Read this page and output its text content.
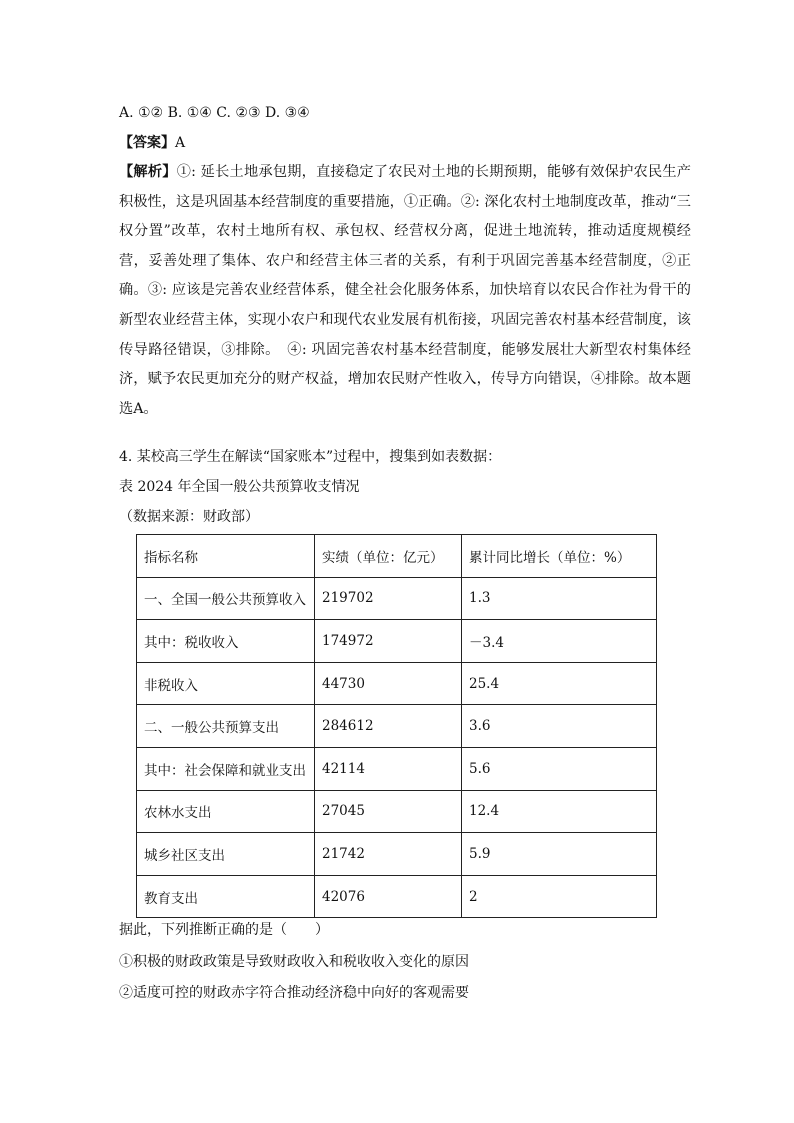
A. ①② B. ①④ C. ②③ D. ③④
【答案】A
【解析】①: 延长土地承包期，直接稳定了农民对土地的长期预期，能够有效保护农民生产积极性，这是巩固基本经营制度的重要措施，①正确。②: 深化农村土地制度改革，推动“三权分置”改革，农村土地所有权、承包权、经营权分离，促进土地流转，推动适度规模经营，妥善处理了集体、农户和经营主体三者的关系，有利于巩固完善基本经营制度，②正确。③: 应该是完善农业经营体系，健全社会化服务体系，加快培育以农民合作社为骨干的新型农业经营主体，实现小农户和现代农业发展有机衔接，巩固完善农村基本经营制度，该传导路径错误，③排除。　④: 巩固完善农村基本经营制度，能够发展壮大新型农村集体经济，赋予农民更加充分的财产权益，增加农民财产性收入，传导方向错误，④排除。故本题选A。
4. 某校高三学生在解读“国家账本”过程中，搜集到如表数据：
表 2024 年全国一般公共预算收支情况
（数据来源：财政部）
指标名称	实绩（单位：亿元）	累计同比增长（单位：%）
一、全国一般公共预算收入	219702	1.3
其中：税收收入	174972	－3.4
非税收入	44730	25.4
二、一般公共预算支出	284612	3.6
其中：社会保障和就业支出	42114	5.6
农林水支出	27045	12.4
城乡社区支出	21742	5.9
教育支出	42076	2
据此，下列推断正确的是（　　）
①积极的财政政策是导致财政收入和税收收入变化的原因
②适度可控的财政赤字符合推动经济稳中向好的客观需要
